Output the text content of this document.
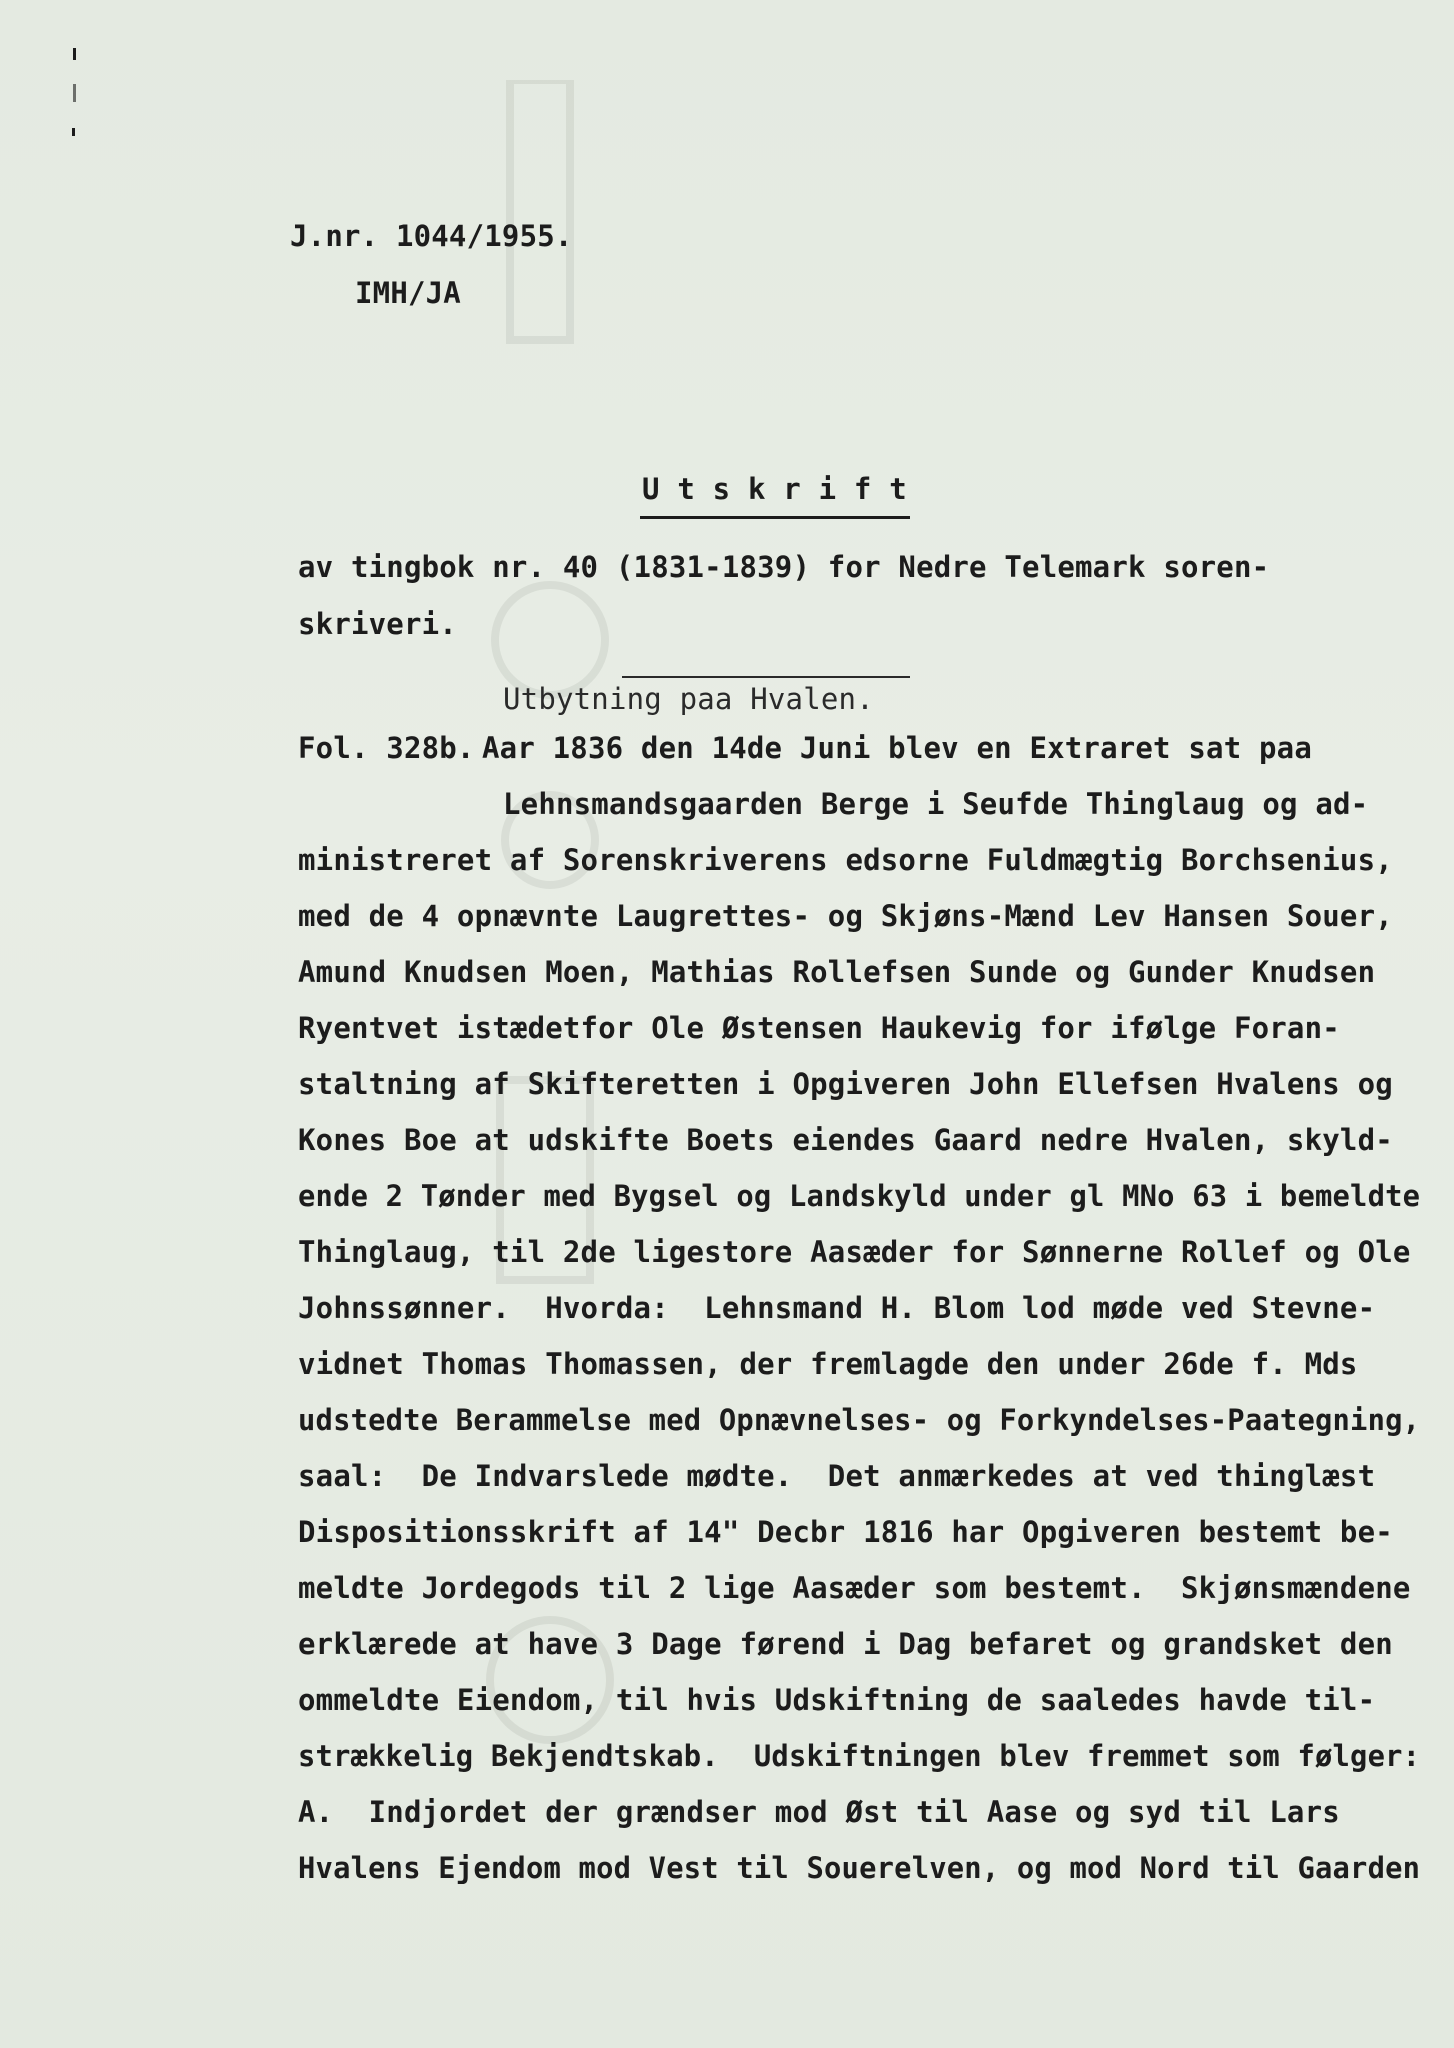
J.nr. 1044/1955.
IMH/JA
U t s k r i f t
av tingbok nr. 40 (1831-1839) for Nedre Telemark soren-
skriveri.
Utbytning paa Hvalen.
Fol. 328b. Aar 1836 den 14de Juni blev en Extraret sat paa
Lehnsmandsgaarden Berge i Seufde Thinglaug og ad-
ministreret af Sorenskriverens edsorne Fuldmægtig Borchsenius,
med de 4 opnævnte Laugrettes- og Skjøns-Mænd Lev Hansen Souer,
Amund Knudsen Moen, Mathias Rollefsen Sunde og Gunder Knudsen
Ryentvet istædetfor Ole Østensen Haukevig for ifølge Foran-
staltning af Skifteretten i Opgiveren John Ellefsen Hvalens og
Kones Boe at udskifte Boets eiendes Gaard nedre Hvalen, skyld-
ende 2 Tønder med Bygsel og Landskyld under gl MNo 63 i bemeldte
Thinglaug, til 2de ligestore Aasæder for Sønnerne Rollef og Ole
Johnssønner.  Hvorda:  Lehnsmand H. Blom lod møde ved Stevne-
vidnet Thomas Thomassen, der fremlagde den under 26de f. Mds
udstedte Berammelse med Opnævnelses- og Forkyndelses-Paategning,
saal:  De Indvarslede mødte.  Det anmærkedes at ved thinglæst
Dispositionsskrift af 14" Decbr 1816 har Opgiveren bestemt be-
meldte Jordegods til 2 lige Aasæder som bestemt.  Skjønsmændene
erklærede at have 3 Dage førend i Dag befaret og grandsket den
ommeldte Eiendom, til hvis Udskiftning de saaledes havde til-
strækkelig Bekjendtskab.  Udskiftningen blev fremmet som følger:
A.  Indjordet der grændser mod Øst til Aase og syd til Lars
Hvalens Ejendom mod Vest til Souerelven, og mod Nord til Gaarden
